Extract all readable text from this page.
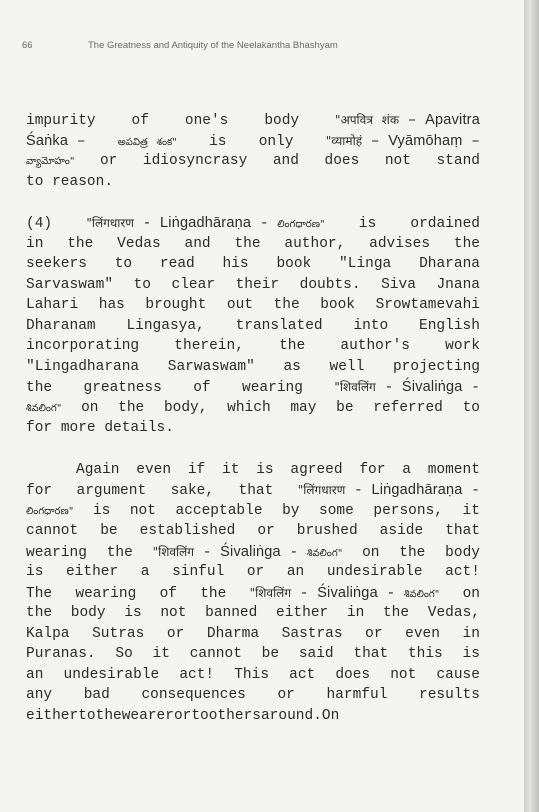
66	The Greatness and Antiquity of the Neelakantha Bhashyam
impurity of one's body	"अपवित्र शंक – Apavitra
Śaṅka –	అపవిత్ర శంక" is only	"व्यामोहं – Vyāmōhaṃ –
వ్యామోహం" or idiosyncrasy and does not stand
to reason.
(4)	"लिंगधारण - Liṅgadhāraṇa - లింగధారణ" is ordained
in the Vedas and the author, advises the
seekers to read his book "Linga Dharana
Sarvaswam" to clear their doubts. Siva Jnana
Lahari has brought out the book Srowtamevahi
Dharanam Lingasya, translated into English
incorporating therein, the author's work
"Lingadharana Sarwaswam" as well projecting
the greatness of wearing	"शिवलिंग - Śivaliṅga -
శివలింగ" on the body, which may be referred to
for more details.
Again even if it is agreed for a moment
for argument sake, that "लिंगधारण - Liṅgadhāraṇa -
లింగధారణ" is not acceptable by some persons, it
cannot be established or brushed aside that
wearing the "शिवलिंग - Śivaliṅga - శివలింగ" on the body
is either a sinful or an undesirable act!
The wearing of the "शिवलिंग - Śivaliṅga - శివలింగ" on
the body is not banned either in the Vedas,
Kalpa Sutras or Dharma Sastras or even in
Puranas. So it cannot be said that this is
an undesirable act! This act does not cause
any bad consequences or harmful results
either to the wearer or to others around. On
